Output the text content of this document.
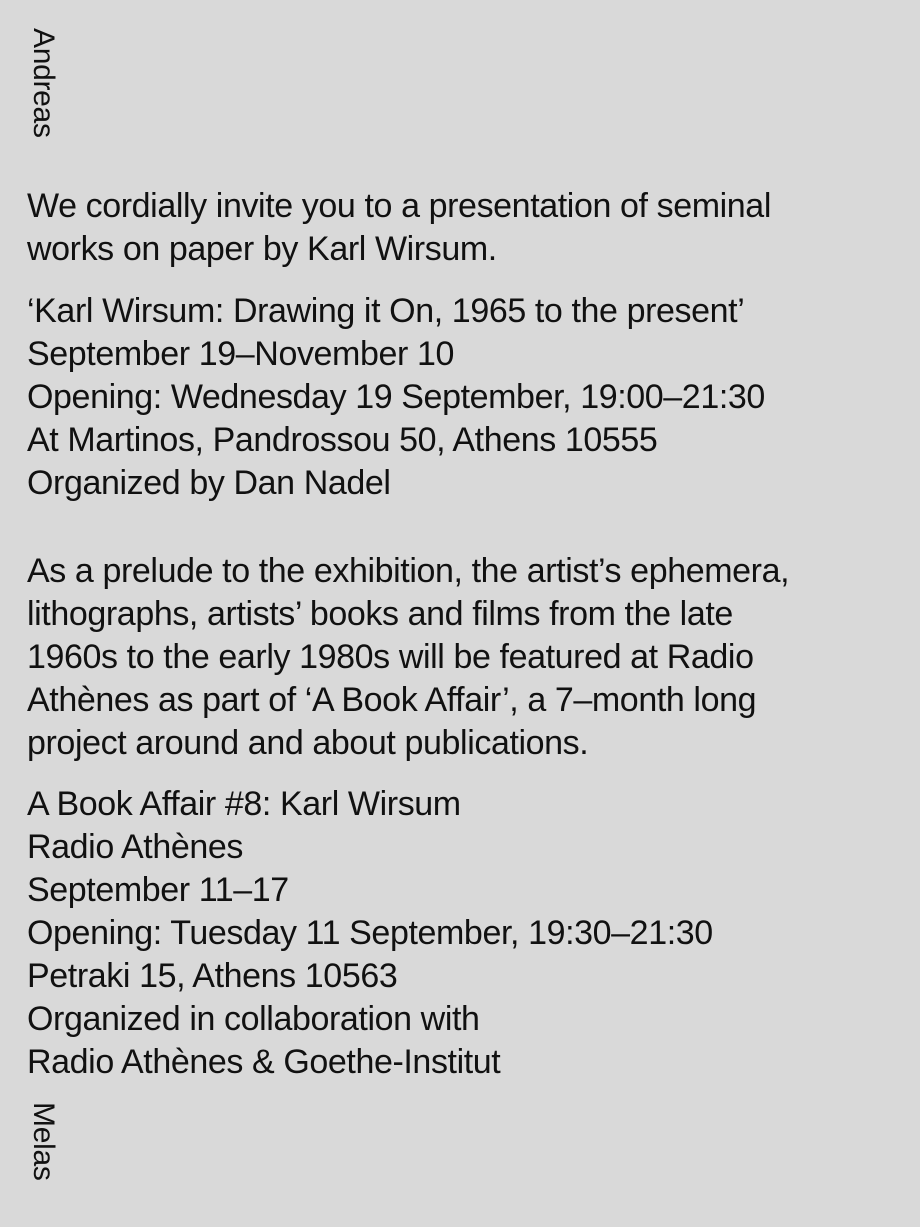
Andreas
We cordially invite you to a presentation of seminal
works on paper by Karl Wirsum.
‘Karl Wirsum: Drawing it On, 1965 to the present’
September 19–November 10
Opening: Wednesday 19 September, 19:00–21:30
At Martinos, Pandrossou 50, Athens 10555
Organized by Dan Nadel
As a prelude to the exhibition, the artist’s ephemera,
lithographs, artists’ books and films from the late
1960s to the early 1980s will be featured at Radio
Athènes as part of ‘A Book Affair’, a 7–month long
project around and about publications.
A Book Affair #8: Karl Wirsum
Radio Athènes
September 11–17
Opening: Tuesday 11 September, 19:30–21:30
Petraki 15, Athens 10563
Organized in collaboration with
Radio Athènes & Goethe-Institut
Melas
